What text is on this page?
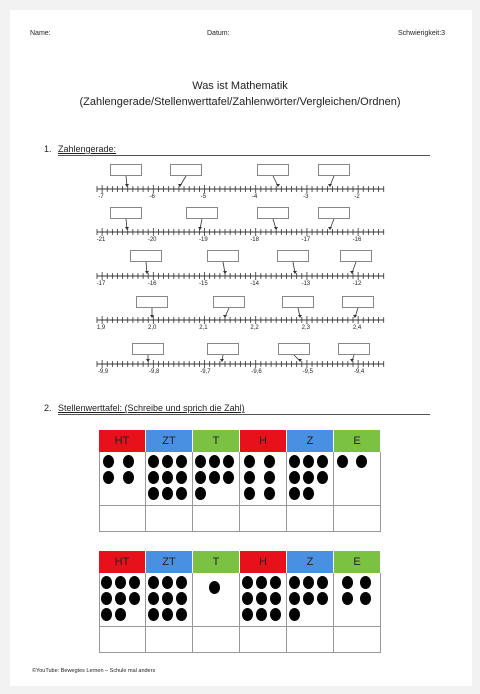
Name:	Datum:	Schwierigkeit:3
Was ist Mathematik
(Zahlengerade/Stellenwerttafel/Zahlenwörter/Vergleichen/Ordnen)
1. Zahlengerade:
-7	-6	-5	-4	-3	-2
-21	-20	-19	-18	-17	-16
-17	-16	-15	-14	-13	-12
1,9	2,0	2,1	2,2	2,3	2,4
-9,9	-9,8	-9,7	-9,6	-9,5	-9,4
2. Stellenwerttafel: (Schreibe und sprich die Zahl)
HT	ZT	T	H	Z	E
HT	ZT	T	H	Z	E
©YouTube: Bewegtes Lernen – Schule mal anders
